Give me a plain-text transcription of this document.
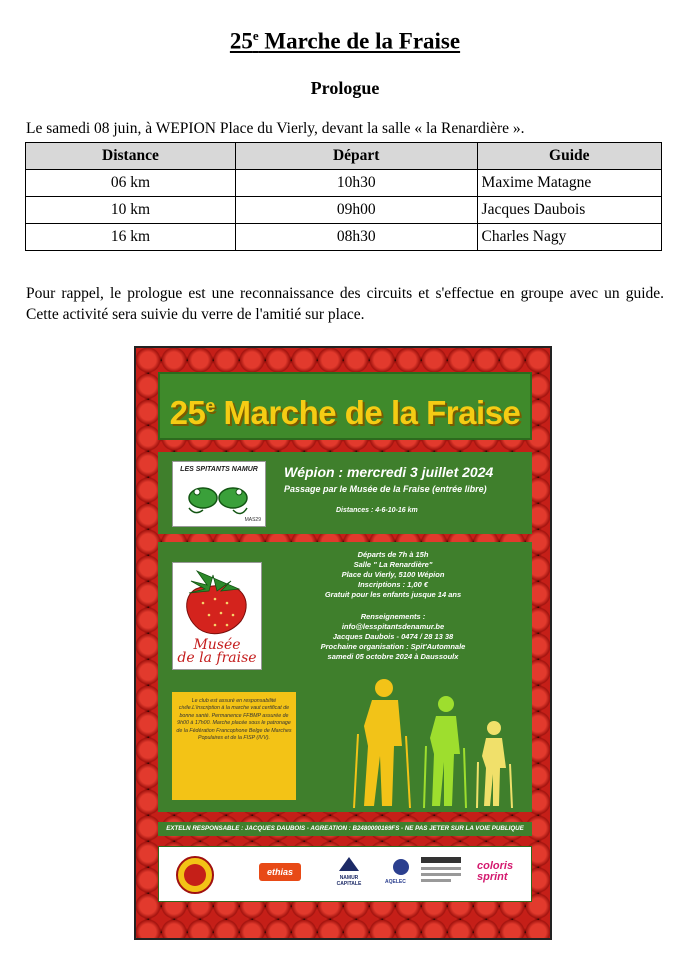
25e Marche de la Fraise
Prologue
Le samedi 08 juin, à WEPION Place du Vierly, devant la salle « la Renardière ».
Distance	Départ	Guide
06 km	10h30	Maxime Matagne
10 km	09h00	Jacques Daubois
16 km	08h30	Charles Nagy
Pour rappel, le prologue est une reconnaissance des circuits et s'effectue en groupe avec un guide. Cette activité sera suivie du verre de l'amitié sur place.
25e Marche de la Fraise
LES SPITANTS NAMUR
MAS29
Wépion : mercredi 3 juillet 2024
Passage par le Musée de la Fraise (entrée libre)
Distances : 4-6-10-16 km
Musée
de la fraise
Départs de 7h à 15h
Salle " La Renardière"
Place du Vierly, 5100 Wépion
Inscriptions : 1,00 €
Gratuit pour les enfants jusque 14 ans
Renseignements :
info@lesspitantsdenamur.be
Jacques Daubois - 0474 / 28 13 38
Prochaine organisation : Spit'Automnale
samedi 05 octobre 2024 à Daussoulx
Le club est assuré en responsabilité civile.L'inscription à la marche vaut certificat de bonne santé. Permanence FFBMP assurée de 9h00 à 17h00. Marche placée sous le patronage de la Fédération Francophone Belge de Marches Populaires et de la FISP (IVV).
EXTELN RESPONSABLE : JACQUES DAUBOIS - AGREATION : B2480000169FS - NE PAS JETER SUR LA VOIE PUBLIQUE
ethias
NAMUR CAPITALE	AQELEC
coloris sprint
